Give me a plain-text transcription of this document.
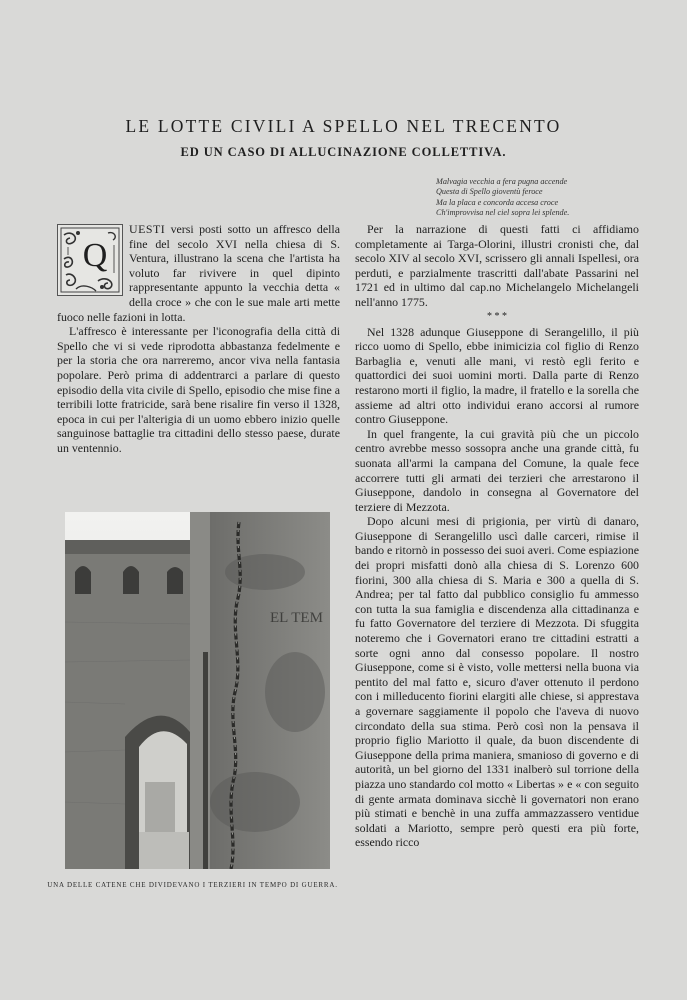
LE LOTTE CIVILI A SPELLO NEL TRECENTO
ED UN CASO DI ALLUCINAZIONE COLLETTIVA.
Malvagia vecchia a fera pugna accende
Questa di Spello gioventù feroce
Ma la placa e concorda accesa croce
Ch'improvvisa nel ciel sopra lei splende.
Q

UESTI versi posti sotto un affresco della fine del secolo XVI nella chiesa di S. Ventura, illustrano la scena che l'artista ha voluto far rivivere in quel dipinto rappresentante appunto la vecchia detta « della croce » che con le sue male arti mette fuoco nelle fazioni in lotta.

L'affresco è interessante per l'iconografia della città di Spello che vi si vede riprodotta abbastanza fedelmente e per la storia che ora narreremo, ancor viva nella fantasia popolare. Però prima di addentrarci a parlare di questo episodio della vita civile di Spello, episodio che mise fine a terribili lotte fratricide, sarà bene risalire fin verso il 1328, epoca in cui per l'alterigia di un uomo ebbero inizio quelle sanguinose battaglie tra cittadini dello stesso paese, durate un ventennio.

EL TEM
UNA DELLE CATENE CHE DIVIDEVANO I TERZIERI IN TEMPO DI GUERRA.

Per la narrazione di questi fatti ci affidiamo completamente ai Targa-Olorini, illustri cronisti che, dal secolo XIV al secolo XVI, scrissero gli annali Ispellesi, ora perduti, e parzialmente trascritti dall'abate Passarini nel 1721 ed in ultimo dal cap.no Michelangelo Michelangeli nell'anno 1775.

* * *

Nel 1328 adunque Giuseppone di Serangelillo, il più ricco uomo di Spello, ebbe inimicizia col figlio di Renzo Barbaglia e, venuti alle mani, vi restò egli ferito e quattordici dei suoi uomini morti. Dalla parte di Renzo restarono morti il figlio, la madre, il fratello e la sorella che assieme ad altri otto individui erano accorsi al rumore contro Giuseppone.

In quel frangente, la cui gravità più che un piccolo centro avrebbe messo sossopra anche una grande città, fu suonata all'armi la campana del Comune, la quale fece accorrere tutti gli armati dei terzieri che arrestarono il Giuseppone, dandolo in consegna al Governatore del terziere di Mezzota.

Dopo alcuni mesi di prigionia, per virtù di danaro, Giuseppone di Serangelillo uscì dalle carceri, rimise il bando e ritornò in possesso dei suoi averi. Come espiazione dei propri misfatti donò alla chiesa di S. Lorenzo 600 fiorini, 300 alla chiesa di S. Maria e 300 a quella di S. Andrea; per tal fatto dal pubblico consiglio fu ammesso con tutta la sua famiglia e discendenza alla cittadinanza e fu fatto Governatore del terziere di Mezzota. Di sfuggita noteremo che i Governatori erano tre cittadini estratti a sorte ogni anno dal consesso popolare. Il nostro Giuseppone, come si è visto, volle mettersi nella buona via pentito del mal fatto e, sicuro d'aver ottenuto il perdono con i milleducento fiorini elargiti alle chiese, si apprestava a governare saggiamente il popolo che l'aveva di nuovo circondato della sua stima. Però così non la pensava il proprio figlio Mariotto il quale, da buon discendente di Giuseppone della prima maniera, smanioso di governo e di autorità, un bel giorno del 1331 inalberò sul torrione della piazza uno standardo col motto « Libertas » e « con seguito di gente armata dominava sicchè li governatori non erano più stimati e benchè in una zuffa ammazzassero ventidue soldati a Mariotto, sempre però questi era più forte, essendo ricco
